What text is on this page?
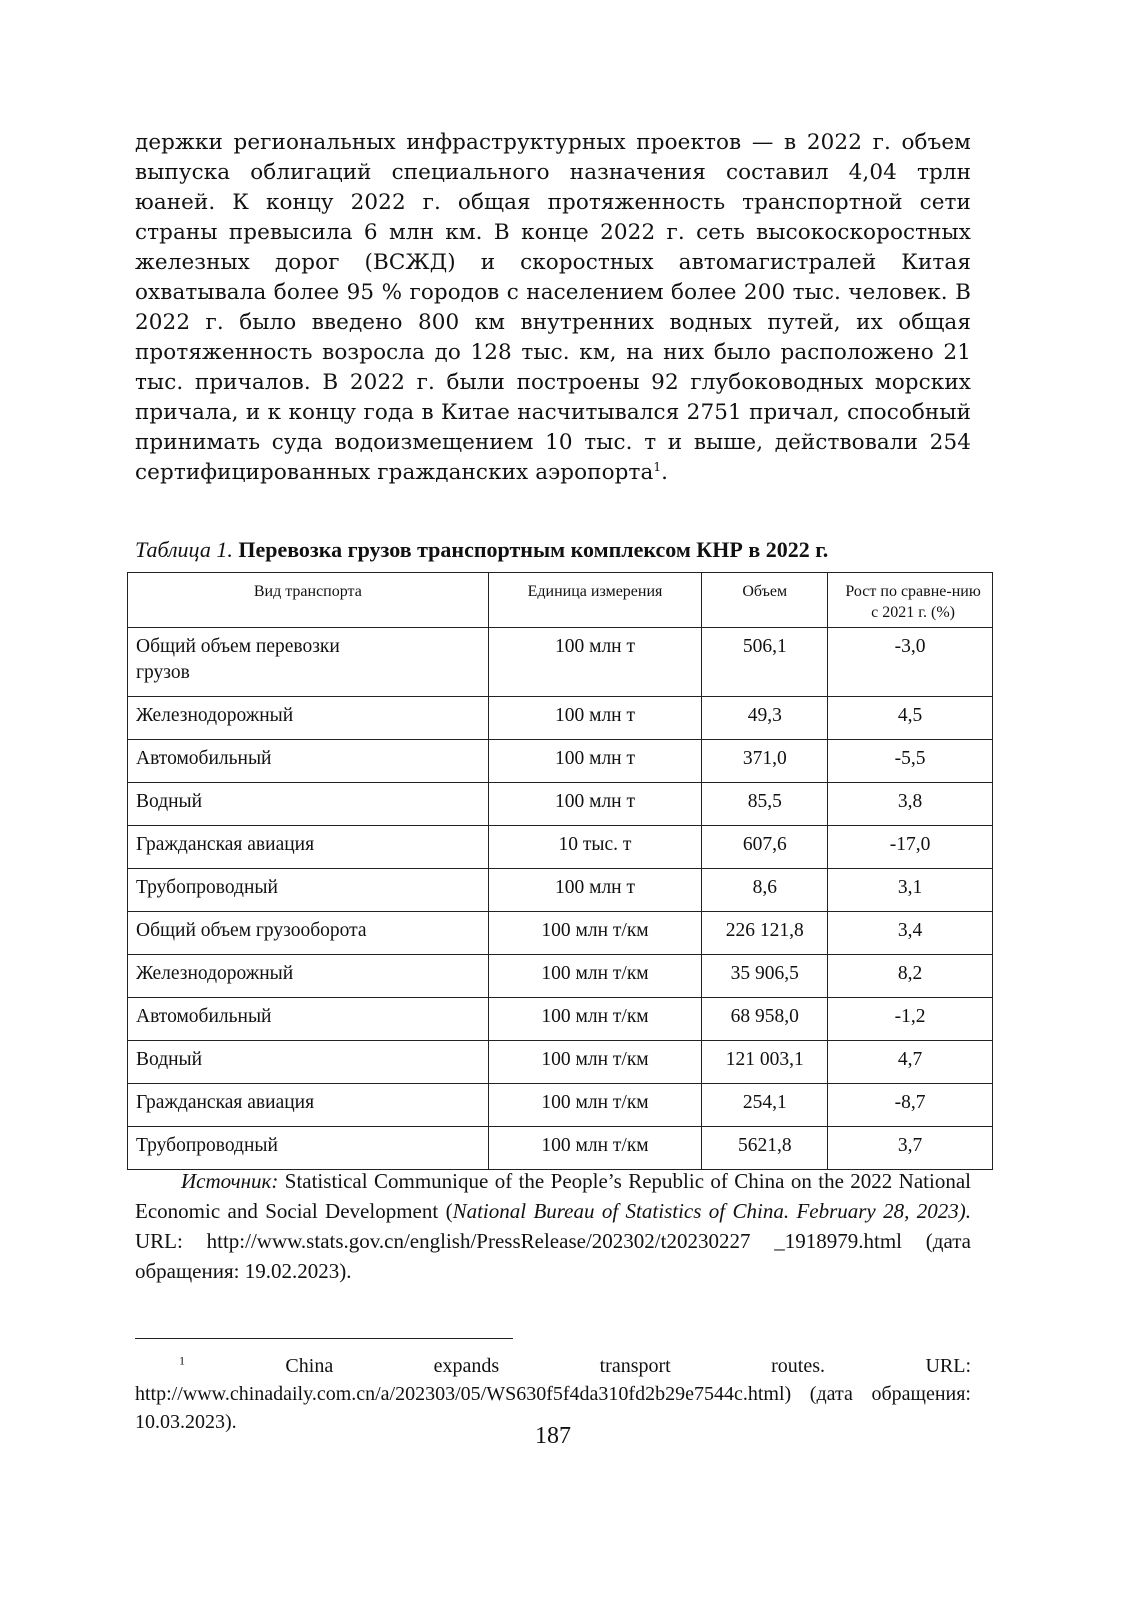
держки региональных инфраструктурных проектов — в 2022 г. объем выпуска облигаций специального назначения составил 4,04 трлн юаней. К концу 2022 г. общая протяженность транспортной сети страны превысила 6 млн км. В конце 2022 г. сеть высокоскоростных железных дорог (ВСЖД) и скоростных автомагистралей Китая охватывала более 95 % городов с населением более 200 тыс. человек. В 2022 г. было введено 800 км внутренних водных путей, их общая протяженность возросла до 128 тыс. км, на них было расположено 21 тыс. причалов. В 2022 г. были построены 92 глубоководных морских причала, и к концу года в Китае насчитывался 2751 причал, способный принимать суда водоизмещением 10 тыс. т и выше, действовали 254 сертифицированных гражданских аэропорта$^1$.

Таблица 1. Перевозка грузов транспортным комплексом КНР в 2022 г.
Вид транспорта	Единица измерения	Объем	Рост по сравне-нию с 2021 г. (%)
Общий объем перевозки грузов	100 млн т	506,1	-3,0
Железнодорожный	100 млн т	49,3	4,5
Автомобильный	100 млн т	371,0	-5,5
Водный	100 млн т	85,5	3,8
Гражданская авиация	10 тыс. т	607,6	-17,0
Трубопроводный	100 млн т	8,6	3,1
Общий объем грузооборота	100 млн т/км	226 121,8	3,4
Железнодорожный	100 млн т/км	35 906,5	8,2
Автомобильный	100 млн т/км	68 958,0	-1,2
Водный	100 млн т/км	121 003,1	4,7
Гражданская авиация	100 млн т/км	254,1	-8,7
Трубопроводный	100 млн т/км	5621,8	3,7

Источник: Statistical Communique of the People’s Republic of China on the 2022 National Economic and Social Development (National Bureau of Statistics of China. February 28, 2023). URL: http://www.stats.gov.cn/english/PressRelease/202302/t20230227 _1918979.html (дата обращения: 19.02.2023).

$^1$ China expands transport routes. URL: http://www.chinadaily.com.cn/a/202303/05/WS630f5f4da310fd2b29e7544c.html) (дата обращения: 10.03.2023).

187
